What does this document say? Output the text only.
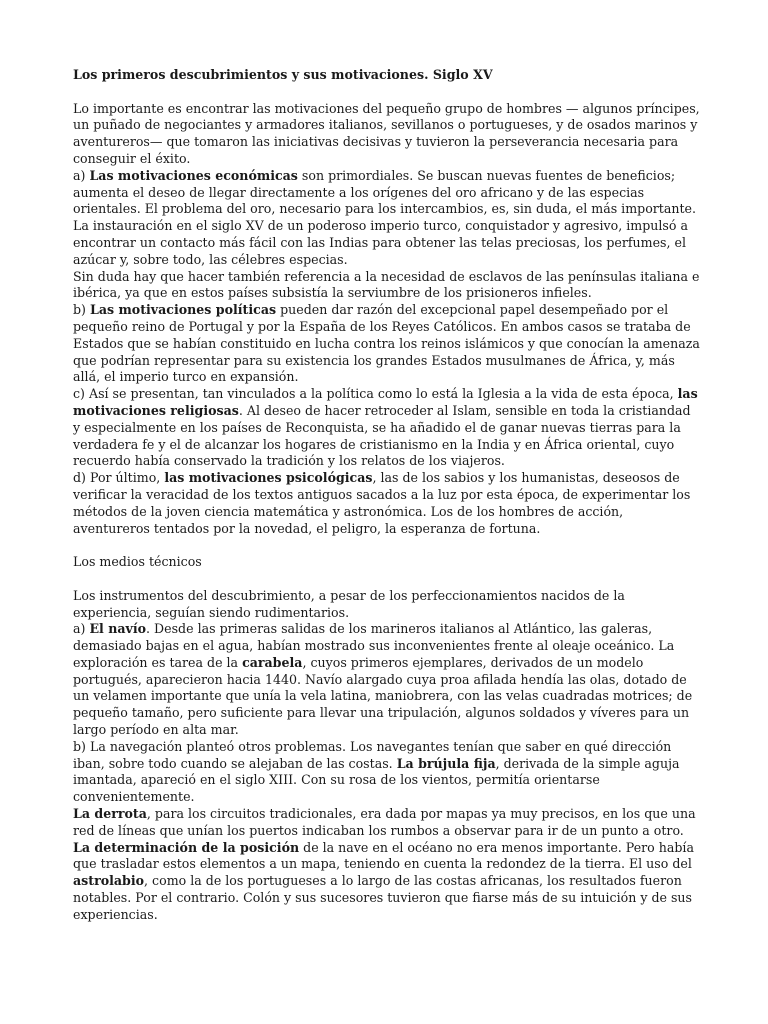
Los primeros descubrimientos y sus motivaciones. Siglo XV

Lo importante es encontrar las motivaciones del pequeño grupo de hombres — algunos príncipes, un puñado de negociantes y armadores italianos, sevillanos o portugueses, y de osados marinos y aventureros— que tomaron las iniciativas decisivas y tuvieron la perseverancia necesaria para conseguir el éxito.

a) Las motivaciones económicas son primordiales. Se buscan nuevas fuentes de beneficios; aumenta el deseo de llegar directamente a los orígenes del oro africano y de las especias orientales. El problema del oro, necesario para los intercambios, es, sin duda, el más importante.

La instauración en el siglo XV de un poderoso imperio turco, conquistador y agresivo, impulsó a encontrar un contacto más fácil con las Indias para obtener las telas preciosas, los perfumes, el azúcar y, sobre todo, las célebres especias.

Sin duda hay que hacer también referencia a la necesidad de esclavos de las penínsulas italiana e ibérica, ya que en estos países subsistía la serviumbre de los prisioneros infieles.

b) Las motivaciones políticas pueden dar razón del excepcional papel desempeñado por el pequeño reino de Portugal y por la España de los Reyes Católicos. En ambos casos se trataba de Estados que se habían constituido en lucha contra los reinos islámicos y que conocían la amenaza que podrían representar para su existencia los grandes Estados musulmanes de África, y, más allá, el imperio turco en expansión.

c) Así se presentan, tan vinculados a la política como lo está la Iglesia a la vida de esta época, las motivaciones religiosas. Al deseo de hacer retroceder al Islam, sensible en toda la cristiandad y especialmente en los países de Reconquista, se ha añadido el de ganar nuevas tierras para la verdadera fe y el de alcanzar los hogares de cristianismo en la India y en África oriental, cuyo recuerdo había conservado la tradición y los relatos de los viajeros.

d) Por último, las motivaciones psicológicas, las de los sabios y los humanistas, deseosos de verificar la veracidad de los textos antiguos sacados a la luz por esta época, de experimentar los métodos de la joven ciencia matemática y astronómica. Los de los hombres de acción, aventureros tentados por la novedad, el peligro, la esperanza de fortuna.

Los medios técnicos

Los instrumentos del descubrimiento, a pesar de los perfeccionamientos nacidos de la experiencia, seguían siendo rudimentarios.

a) El navío. Desde las primeras salidas de los marineros italianos al Atlántico, las galeras, demasiado bajas en el agua, habían mostrado sus inconvenientes frente al oleaje oceánico. La exploración es tarea de la carabela, cuyos primeros ejemplares, derivados de un modelo portugués, aparecieron hacia 1440. Navío alargado cuya proa afilada hendía las olas, dotado de un velamen importante que unía la vela latina, maniobrera, con las velas cuadradas motrices; de pequeño tamaño, pero suficiente para llevar una tripulación, algunos soldados y víveres para un largo período en alta mar.

b) La navegación planteó otros problemas. Los navegantes tenían que saber en qué dirección iban, sobre todo cuando se alejaban de las costas. La brújula fija, derivada de la simple aguja imantada, apareció en el siglo XIII. Con su rosa de los vientos, permitía orientarse convenientemente.

La derrota, para los circuitos tradicionales, era dada por mapas ya muy precisos, en los que una red de líneas que unían los puertos indicaban los rumbos a observar para ir de un punto a otro.

La determinación de la posición de la nave en el océano no era menos importante. Pero había que trasladar estos elementos a un mapa, teniendo en cuenta la redondez de la tierra. El uso del astrolabio, como la de los portugueses a lo largo de las costas africanas, los resultados fueron notables. Por el contrario. Colón y sus sucesores tuvieron que fiarse más de su intuición y de sus experiencias.
